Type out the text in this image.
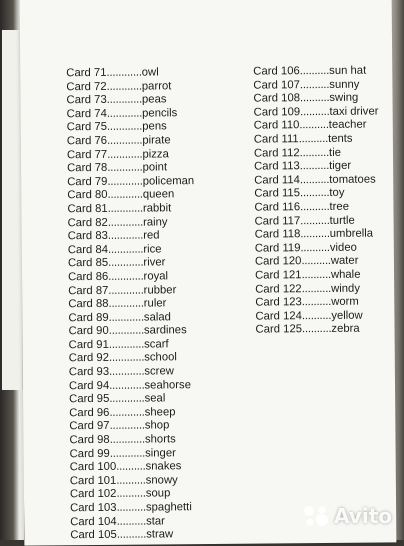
Card 71............owl
Card 72............parrot
Card 73............peas
Card 74............pencils
Card 75............pens
Card 76............pirate
Card 77............pizza
Card 78............point
Card 79............policeman
Card 80............queen
Card 81............rabbit
Card 82............rainy
Card 83............red
Card 84............rice
Card 85............river
Card 86............royal
Card 87............rubber
Card 88............ruler
Card 89............salad
Card 90............sardines
Card 91............scarf
Card 92............school
Card 93............screw
Card 94............seahorse
Card 95............seal
Card 96............sheep
Card 97............shop
Card 98............shorts
Card 99............singer
Card 100..........snakes
Card 101..........snowy
Card 102..........soup
Card 103..........spaghetti
Card 104..........star
Card 105..........straw
Card 106..........sun hat
Card 107..........sunny
Card 108..........swing
Card 109..........taxi driver
Card 110..........teacher
Card 111..........tents
Card 112..........tie
Card 113..........tiger
Card 114..........tomatoes
Card 115..........toy
Card 116..........tree
Card 117..........turtle
Card 118..........umbrella
Card 119..........video
Card 120..........water
Card 121..........whale
Card 122..........windy
Card 123..........worm
Card 124..........yellow
Card 125..........zebra
Avito
